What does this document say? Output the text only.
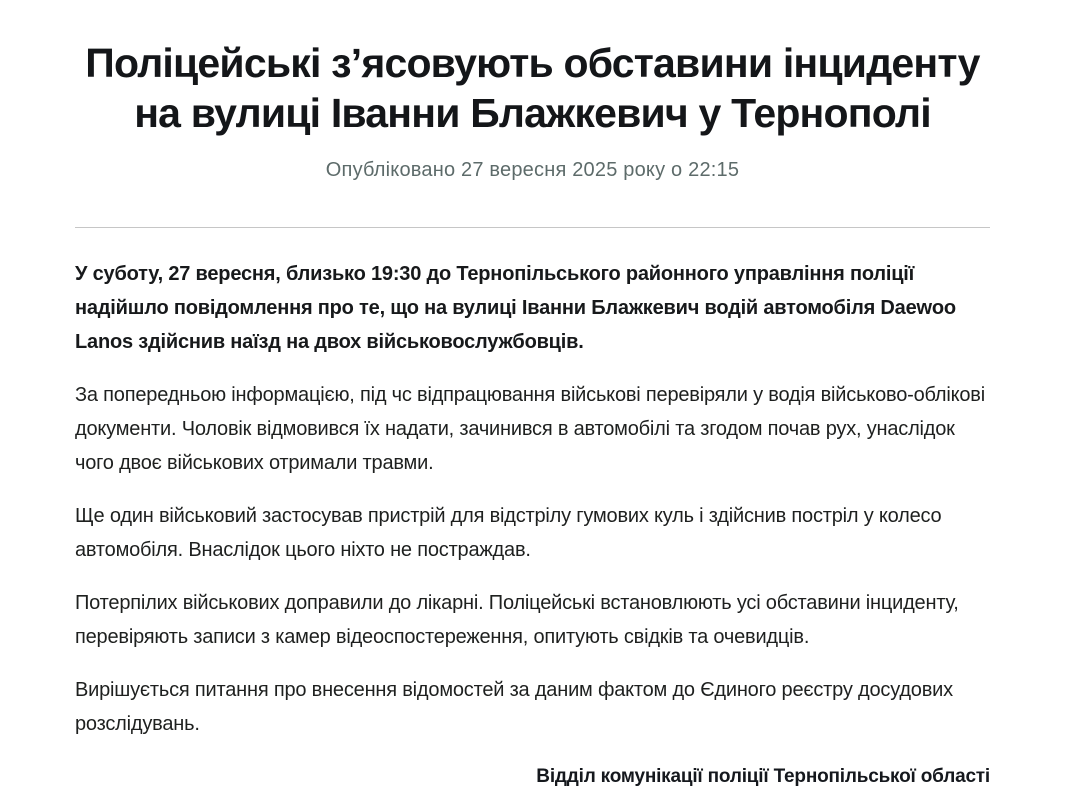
Поліцейські з’ясовують обставини інциденту
на вулиці Іванни Блажкевич у Тернополі
Опубліковано 27 вересня 2025 року о 22:15

У суботу, 27 вересня, близько 19:30 до Тернопільського районного управління поліції надійшло повідомлення про те, що на вулиці Іванни Блажкевич водій автомобіля Daewoo Lanos здійснив наїзд на двох військовослужбовців.

За попередньою інформацією, під чс відпрацювання військові перевіряли у водія військово-облікові документи. Чоловік відмовився їх надати, зачинився в автомобілі та згодом почав рух, унаслідок чого двоє військових отримали травми.

Ще один військовий застосував пристрій для відстрілу гумових куль і здійснив постріл у колесо автомобіля. Внаслідок цього ніхто не постраждав.

Потерпілих військових доправили до лікарні. Поліцейські встановлюють усі обставини інциденту, перевіряють записи з камер відеоспостереження, опитують свідків та очевидців.

Вирішується питання про внесення відомостей за даним фактом до Єдиного реєстру досудових розслідувань.

Відділ комунікації поліції Тернопільської області
